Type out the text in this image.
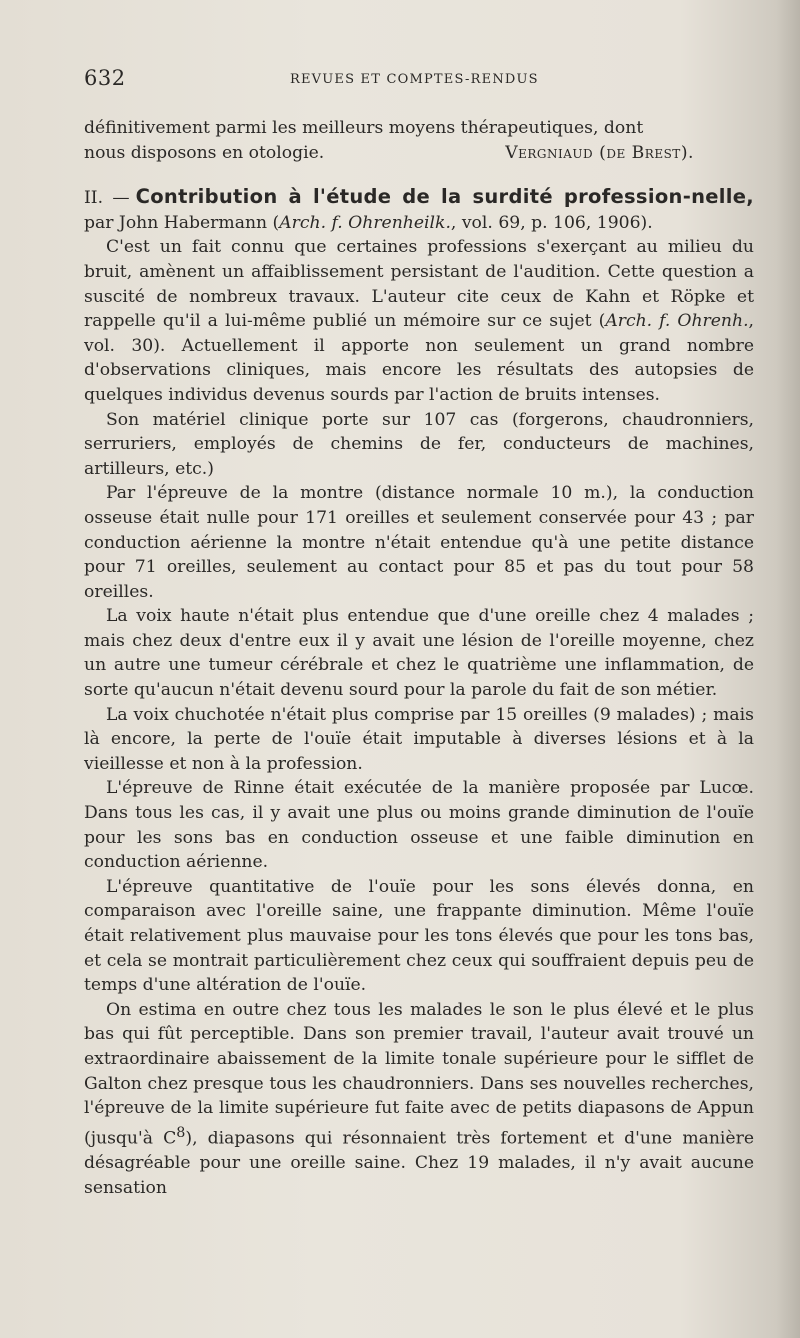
632	REVUES ET COMPTES-RENDUS

définitivement parmi les meilleurs moyens thérapeutiques, dont
nous disposons en otologie.	Vergniaud (de Brest).

II. — Contribution à l'étude de la surdité profession-nelle, par John Habermann (Arch. f. Ohrenheilk., vol. 69, p. 106, 1906).

C'est un fait connu que certaines professions s'exerçant au milieu du bruit, amènent un affaiblissement persistant de l'audition. Cette question a suscité de nombreux travaux. L'auteur cite ceux de Kahn et Röpke et rappelle qu'il a lui-même publié un mémoire sur ce sujet (Arch. f. Ohrenh., vol. 30). Actuellement il apporte non seulement un grand nombre d'observations cliniques, mais encore les résultats des autopsies de quelques individus devenus sourds par l'action de bruits intenses.

Son matériel clinique porte sur 107 cas (forgerons, chaudronniers, serruriers, employés de chemins de fer, conducteurs de machines, artilleurs, etc.)

Par l'épreuve de la montre (distance normale 10 m.), la conduction osseuse était nulle pour 171 oreilles et seulement conservée pour 43 ; par conduction aérienne la montre n'était entendue qu'à une petite distance pour 71 oreilles, seulement au contact pour 85 et pas du tout pour 58 oreilles.

La voix haute n'était plus entendue que d'une oreille chez 4 malades ; mais chez deux d'entre eux il y avait une lésion de l'oreille moyenne, chez un autre une tumeur cérébrale et chez le quatrième une inflammation, de sorte qu'aucun n'était devenu sourd pour la parole du fait de son métier.

La voix chuchotée n'était plus comprise par 15 oreilles (9 malades) ; mais là encore, la perte de l'ouïe était imputable à diverses lésions et à la vieillesse et non à la profession.

L'épreuve de Rinne était exécutée de la manière proposée par Lucœ. Dans tous les cas, il y avait une plus ou moins grande diminution de l'ouïe pour les sons bas en conduction osseuse et une faible diminution en conduction aérienne.

L'épreuve quantitative de l'ouïe pour les sons élevés donna, en comparaison avec l'oreille saine, une frappante diminution. Même l'ouïe était relativement plus mauvaise pour les tons élevés que pour les tons bas, et cela se montrait particulièrement chez ceux qui souffraient depuis peu de temps d'une altération de l'ouïe.

On estima en outre chez tous les malades le son le plus élevé et le plus bas qui fût perceptible. Dans son premier travail, l'auteur avait trouvé un extraordinaire abaissement de la limite tonale supérieure pour le sifflet de Galton chez presque tous les chaudronniers. Dans ses nouvelles recherches, l'épreuve de la limite supérieure fut faite avec de petits diapasons de Appun (jusqu'à $C^8$), diapasons qui résonnaient très fortement et d'une manière désagréable pour une oreille saine. Chez 19 malades, il n'y avait aucune sensation
